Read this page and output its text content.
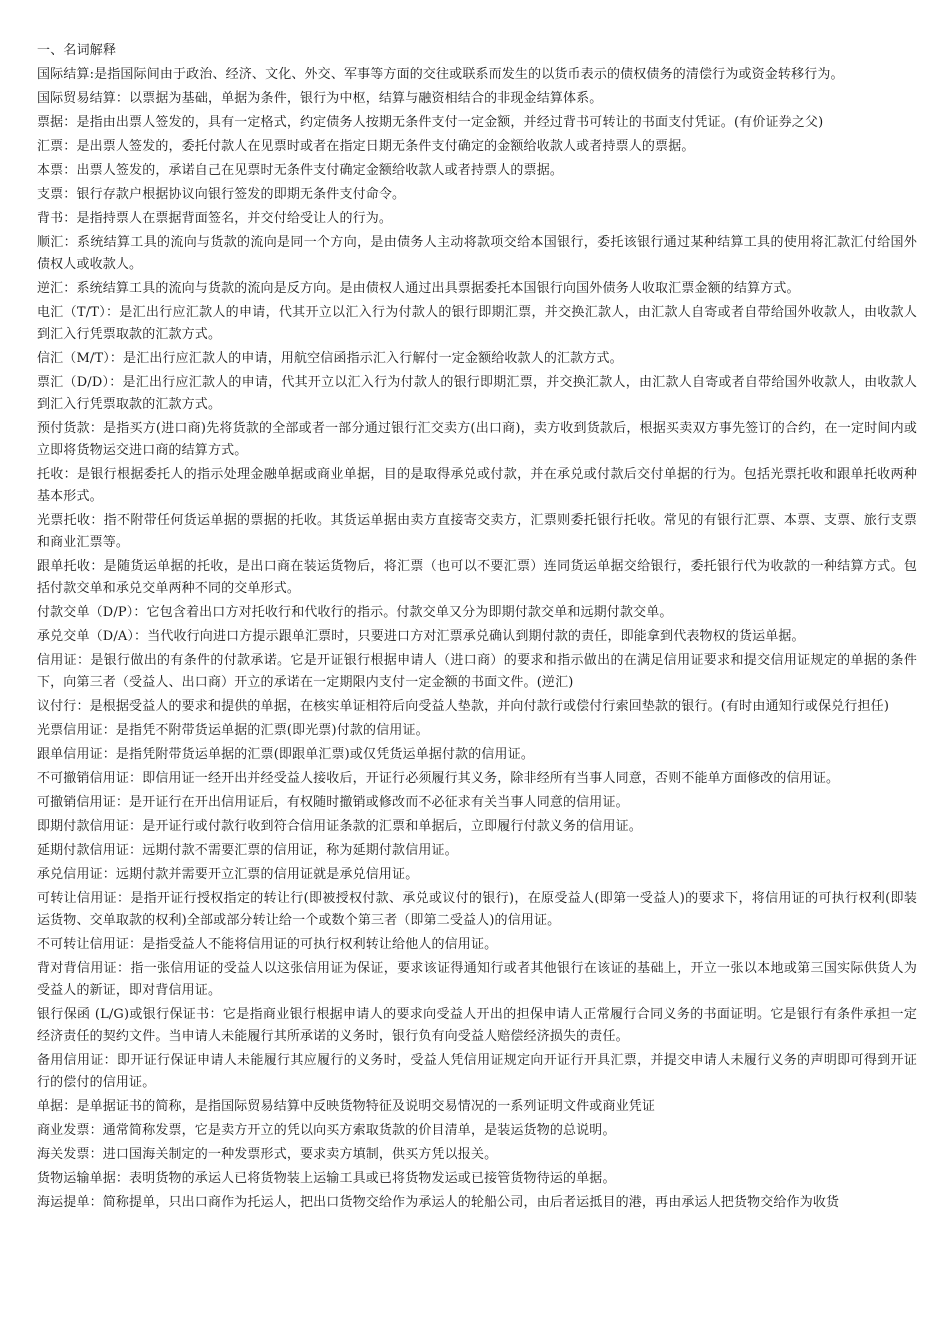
一、名词解释

国际结算:是指国际间由于政治、经济、文化、外交、军事等方面的交往或联系而发生的以货币表示的债权债务的清偿行为或资金转移行为。

国际贸易结算：以票据为基础，单据为条件，银行为中枢，结算与融资相结合的非现金结算体系。

票据：是指由出票人签发的，具有一定格式，约定债务人按期无条件支付一定金额，并经过背书可转让的书面支付凭证。(有价证券之父)

汇票：是出票人签发的，委托付款人在见票时或者在指定日期无条件支付确定的金额给收款人或者持票人的票据。

本票：出票人签发的，承诺自己在见票时无条件支付确定金额给收款人或者持票人的票据。

支票：银行存款户根据协议向银行签发的即期无条件支付命令。

背书：是指持票人在票据背面签名，并交付给受让人的行为。

顺汇：系统结算工具的流向与货款的流向是同一个方向，是由债务人主动将款项交给本国银行，委托该银行通过某种结算工具的使用将汇款汇付给国外债权人或收款人。

逆汇：系统结算工具的流向与货款的流向是反方向。是由债权人通过出具票据委托本国银行向国外债务人收取汇票金额的结算方式。

电汇（T/T）：是汇出行应汇款人的申请，代其开立以汇入行为付款人的银行即期汇票，并交换汇款人，由汇款人自寄或者自带给国外收款人，由收款人到汇入行凭票取款的汇款方式。

信汇（M/T）：是汇出行应汇款人的申请，用航空信函指示汇入行解付一定金额给收款人的汇款方式。

票汇（D/D）：是汇出行应汇款人的申请，代其开立以汇入行为付款人的银行即期汇票，并交换汇款人，由汇款人自寄或者自带给国外收款人，由收款人到汇入行凭票取款的汇款方式。

预付货款：是指买方(进口商)先将货款的全部或者一部分通过银行汇交卖方(出口商)，卖方收到货款后，根据买卖双方事先签订的合约，在一定时间内或立即将货物运交进口商的结算方式。

托收：是银行根据委托人的指示处理金融单据或商业单据，目的是取得承兑或付款，并在承兑或付款后交付单据的行为。包括光票托收和跟单托收两种基本形式。

光票托收：指不附带任何货运单据的票据的托收。其货运单据由卖方直接寄交卖方，汇票则委托银行托收。常见的有银行汇票、本票、支票、旅行支票和商业汇票等。

跟单托收：是随货运单据的托收，是出口商在装运货物后，将汇票（也可以不要汇票）连同货运单据交给银行，委托银行代为收款的一种结算方式。包括付款交单和承兑交单两种不同的交单形式。

付款交单（D/P）：它包含着出口方对托收行和代收行的指示。付款交单又分为即期付款交单和远期付款交单。

承兑交单（D/A）：当代收行向进口方提示跟单汇票时，只要进口方对汇票承兑确认到期付款的责任，即能拿到代表物权的货运单据。

信用证：是银行做出的有条件的付款承诺。它是开证银行根据申请人（进口商）的要求和指示做出的在满足信用证要求和提交信用证规定的单据的条件下，向第三者（受益人、出口商）开立的承诺在一定期限内支付一定金额的书面文件。(逆汇)

议付行：是根据受益人的要求和提供的单据，在核实单证相符后向受益人垫款，并向付款行或偿付行索回垫款的银行。(有时由通知行或保兑行担任)

光票信用证：是指凭不附带货运单据的汇票(即光票)付款的信用证。

跟单信用证：是指凭附带货运单据的汇票(即跟单汇票)或仅凭货运单据付款的信用证。

不可撤销信用证：即信用证一经开出并经受益人接收后，开证行必须履行其义务，除非经所有当事人同意，否则不能单方面修改的信用证。

可撤销信用证：是开证行在开出信用证后，有权随时撤销或修改而不必征求有关当事人同意的信用证。

即期付款信用证：是开证行或付款行收到符合信用证条款的汇票和单据后，立即履行付款义务的信用证。

延期付款信用证：远期付款不需要汇票的信用证，称为延期付款信用证。

承兑信用证：远期付款并需要开立汇票的信用证就是承兑信用证。

可转让信用证：是指开证行授权指定的转让行(即被授权付款、承兑或议付的银行)，在原受益人(即第一受益人)的要求下，将信用证的可执行权利(即装运货物、交单取款的权利)全部或部分转让给一个或数个第三者（即第二受益人)的信用证。

不可转让信用证：是指受益人不能将信用证的可执行权利转让给他人的信用证。

背对背信用证：指一张信用证的受益人以这张信用证为保证，要求该证得通知行或者其他银行在该证的基础上，开立一张以本地或第三国实际供货人为受益人的新证，即对背信用证。

银行保函 (L/G)或银行保证书：它是指商业银行根据申请人的要求向受益人开出的担保申请人正常履行合同义务的书面证明。它是银行有条件承担一定经济责任的契约文件。当申请人未能履行其所承诺的义务时，银行负有向受益人赔偿经济损失的责任。

备用信用证：即开证行保证申请人未能履行其应履行的义务时，受益人凭信用证规定向开证行开具汇票，并提交申请人未履行义务的声明即可得到开证行的偿付的信用证。

单据：是单据证书的简称，是指国际贸易结算中反映货物特征及说明交易情况的一系列证明文件或商业凭证

商业发票：通常简称发票，它是卖方开立的凭以向买方索取货款的价目清单，是装运货物的总说明。

海关发票：进口国海关制定的一种发票形式，要求卖方填制，供买方凭以报关。

货物运输单据：表明货物的承运人已将货物装上运输工具或已将货物发运或已接管货物待运的单据。

海运提单：简称提单，只出口商作为托运人，把出口货物交给作为承运人的轮船公司，由后者运抵目的港，再由承运人把货物交给作为收货
